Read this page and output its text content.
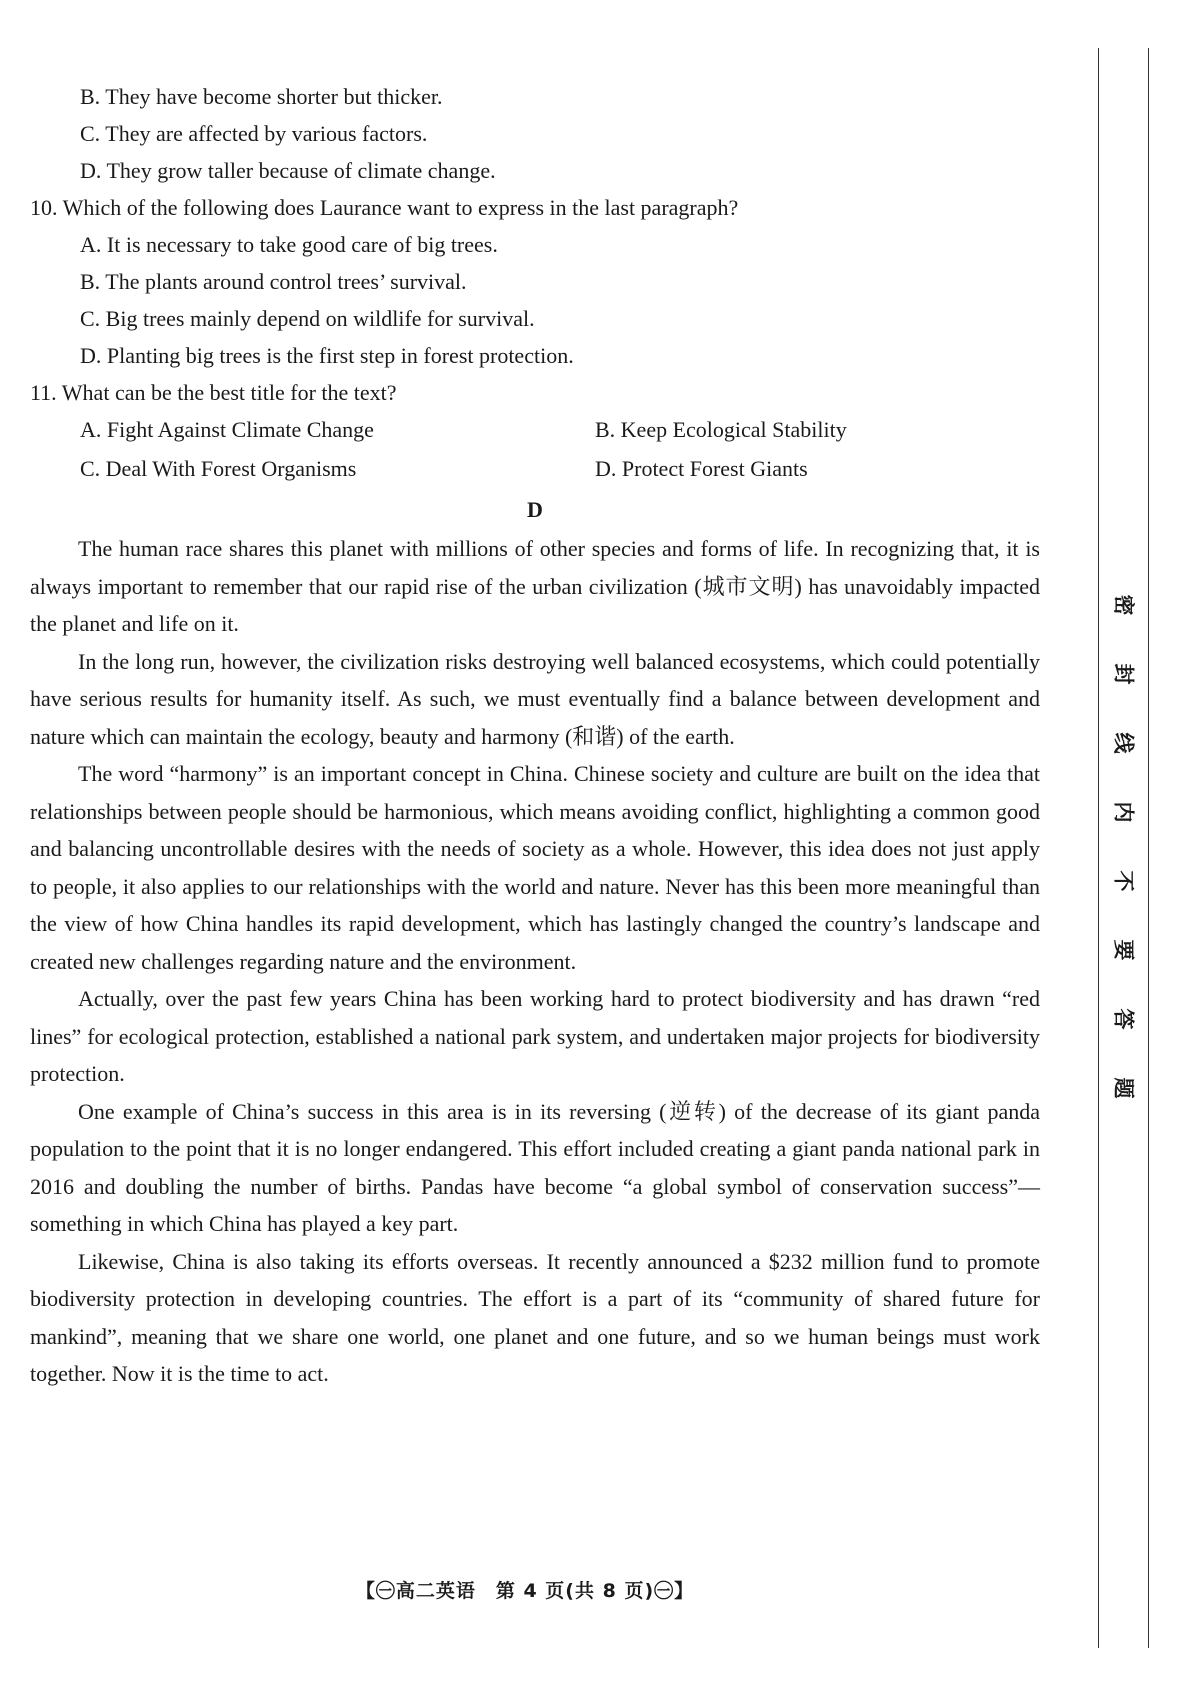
B. They have become shorter but thicker.
C. They are affected by various factors.
D. They grow taller because of climate change.
10. Which of the following does Laurance want to express in the last paragraph?
A. It is necessary to take good care of big trees.
B. The plants around control trees’ survival.
C. Big trees mainly depend on wildlife for survival.
D. Planting big trees is the first step in forest protection.
11. What can be the best title for the text?
A. Fight Against Climate Change	B. Keep Ecological Stability
C. Deal With Forest Organisms	D. Protect Forest Giants
D

The human race shares this planet with millions of other species and forms of life. In recognizing that, it is always important to remember that our rapid rise of the urban civilization (城市文明) has unavoidably impacted the planet and life on it.

In the long run, however, the civilization risks destroying well balanced ecosystems, which could potentially have serious results for humanity itself. As such, we must eventually find a balance between development and nature which can maintain the ecology, beauty and harmony (和谐) of the earth.

The word “harmony” is an important concept in China. Chinese society and culture are built on the idea that relationships between people should be harmonious, which means avoiding conflict, highlighting a common good and balancing uncontrollable desires with the needs of society as a whole. However, this idea does not just apply to people, it also applies to our relationships with the world and nature. Never has this been more meaningful than the view of how China handles its rapid development, which has lastingly changed the country’s landscape and created new challenges regarding nature and the environment.

Actually, over the past few years China has been working hard to protect biodiversity and has drawn “red lines” for ecological protection, established a national park system, and undertaken major projects for biodiversity protection.

One example of China’s success in this area is in its reversing (逆转) of the decrease of its giant panda population to the point that it is no longer endangered. This effort included creating a giant panda national park in 2016 and doubling the number of births. Pandas have become “a global symbol of conservation success”—something in which China has played a key part.

Likewise, China is also taking its efforts overseas. It recently announced a $232 million fund to promote biodiversity protection in developing countries. The effort is a part of its “community of shared future for mankind”, meaning that we share one world, one planet and one future, and so we human beings must work together. Now it is the time to act.

【㊀高二英语　第 4 页(共 8 页)㊀】
密
封
线
内
不
要
答
题
